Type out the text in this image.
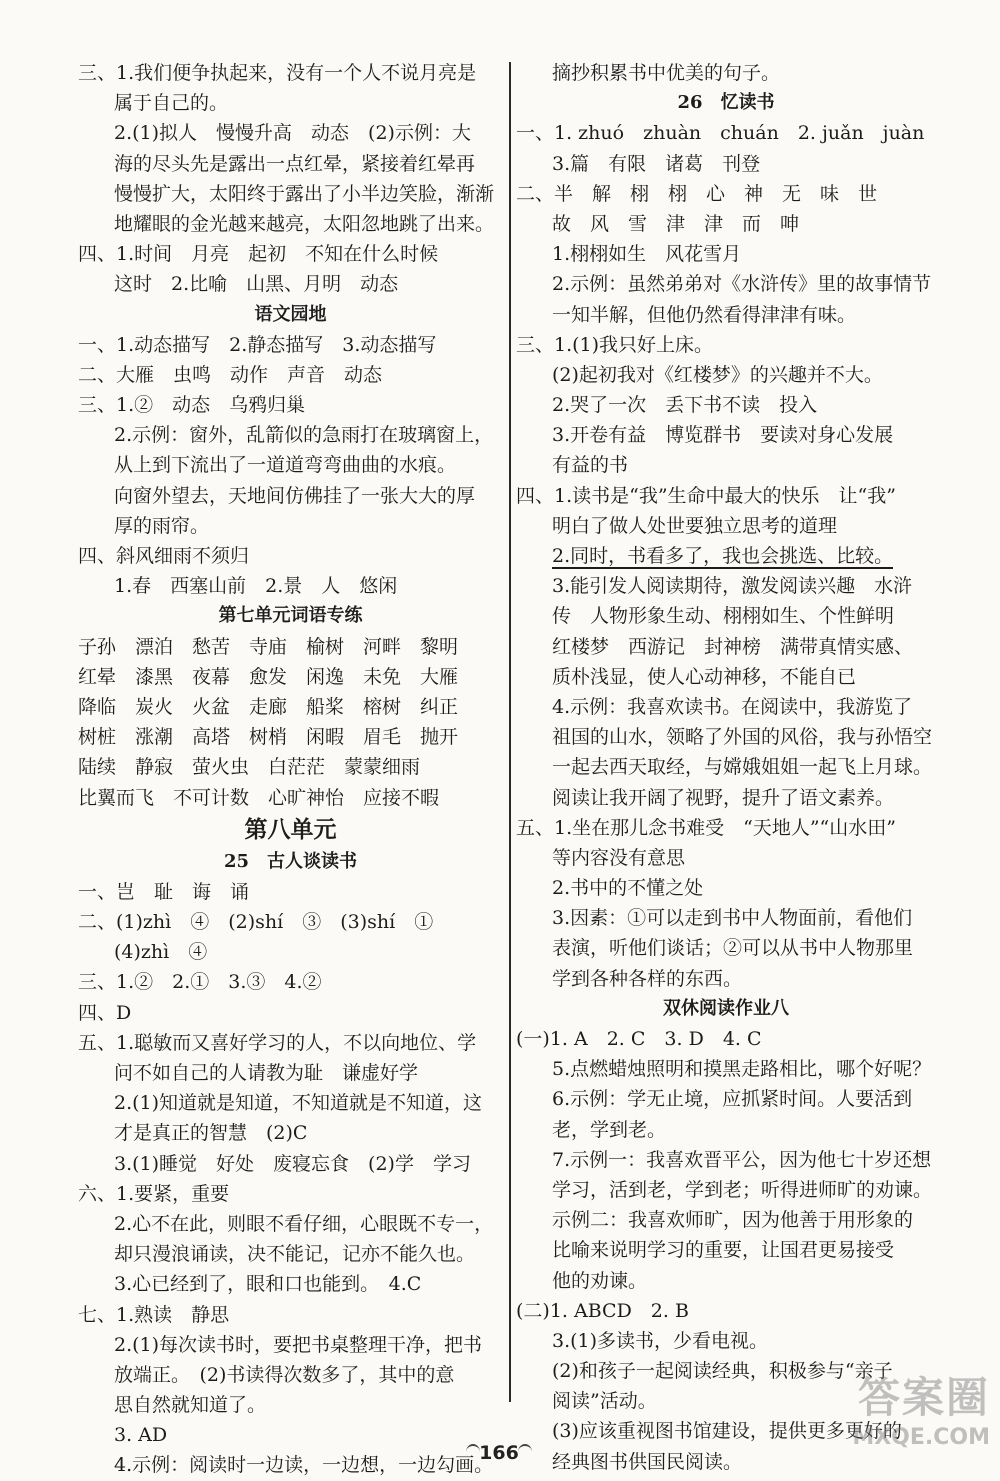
三、1.我们便争执起来，没有一个人不说月亮是
属于自己的。
2.(1)拟人　慢慢升高　动态　(2)示例：大
海的尽头先是露出一点红晕，紧接着红晕再
慢慢扩大，太阳终于露出了小半边笑脸，渐渐
地耀眼的金光越来越亮，太阳忽地跳了出来。
四、1.时间　月亮　起初　不知在什么时候
这时　2.比喻　山黑、月明　动态
语文园地
一、1.动态描写　2.静态描写　3.动态描写
二、大雁　虫鸣　动作　声音　动态
三、1.②　动态　乌鸦归巢
2.示例：窗外，乱箭似的急雨打在玻璃窗上，
从上到下流出了一道道弯弯曲曲的水痕。
向窗外望去，天地间仿佛挂了一张大大的厚
厚的雨帘。
四、斜风细雨不须归
1.春　西塞山前　2.景　人　悠闲
第七单元词语专练
子孙　漂泊　愁苦　寺庙　榆树　河畔　黎明
红晕　漆黑　夜幕　愈发　闲逸　未免　大雁
降临　炭火　火盆　走廊　船桨　榕树　纠正
树桩　涨潮　高塔　树梢　闲暇　眉毛　抛开
陆续　静寂　萤火虫　白茫茫　蒙蒙细雨
比翼而飞　不可计数　心旷神怡　应接不暇
第八单元
25　古人谈读书
一、岂　耻　诲　诵
二、(1)zhì　④　(2)shí　③　(3)shí　①
(4)zhì　④
三、1.②　2.①　3.③　4.②
四、D
五、1.聪敏而又喜好学习的人，不以向地位、学
问不如自己的人请教为耻　谦虚好学
2.(1)知道就是知道，不知道就是不知道，这
才是真正的智慧　(2)C
3.(1)睡觉　好处　废寝忘食　(2)学　学习
六、1.要紧，重要
2.心不在此，则眼不看仔细，心眼既不专一，
却只漫浪诵读，决不能记，记亦不能久也。
3.心已经到了，眼和口也能到。　4.C
七、1.熟读　静思
2.(1)每次读书时，要把书桌整理干净，把书
放端正。　(2)书读得次数多了，其中的意
思自然就知道了。
3. AD
4.示例：阅读时一边读，一边想，一边勾画。
摘抄积累书中优美的句子。
26　忆读书
一、1. zhuó　zhuàn　chuán　2. juǎn　juàn
3.篇　有限　诸葛　刊登
二、半　解　栩　栩　心　神　无　味　世
故　风　雪　津　津　而　呻
1.栩栩如生　风花雪月
2.示例：虽然弟弟对《水浒传》里的故事情节
一知半解，但他仍然看得津津有味。
三、1.(1)我只好上床。
(2)起初我对《红楼梦》的兴趣并不大。
2.哭了一次　丢下书不读　投入
3.开卷有益　博览群书　要读对身心发展
有益的书
四、1.读书是“我”生命中最大的快乐　让“我”
明白了做人处世要独立思考的道理
2.同时，书看多了，我也会挑选、比较。
3.能引发人阅读期待，激发阅读兴趣　水浒
传　人物形象生动、栩栩如生、个性鲜明
红楼梦　西游记　封神榜　满带真情实感、
质朴浅显，使人心动神移，不能自已
4.示例：我喜欢读书。在阅读中，我游览了
祖国的山水，领略了外国的风俗，我与孙悟空
一起去西天取经，与嫦娥姐姐一起飞上月球。
阅读让我开阔了视野，提升了语文素养。
五、1.坐在那儿念书难受　“天地人”“山水田”
等内容没有意思
2.书中的不懂之处
3.因素：①可以走到书中人物面前，看他们
表演，听他们谈话；②可以从书中人物那里
学到各种各样的东西。
双休阅读作业八
(一)1. A　2. C　3. D　4. C
5.点燃蜡烛照明和摸黑走路相比，哪个好呢？
6.示例：学无止境，应抓紧时间。人要活到
老，学到老。
7.示例一：我喜欢晋平公，因为他七十岁还想
学习，活到老，学到老；听得进师旷的劝谏。
示例二：我喜欢师旷，因为他善于用形象的
比喻来说明学习的重要，让国君更易接受
他的劝谏。
(二)1. ABCD　2. B
3.(1)多读书，少看电视。
(2)和孩子一起阅读经典，积极参与“亲子
阅读”活动。
(3)应该重视图书馆建设，提供更多更好的
经典图书供国民阅读。
166
答案圈
MXQE.COM
